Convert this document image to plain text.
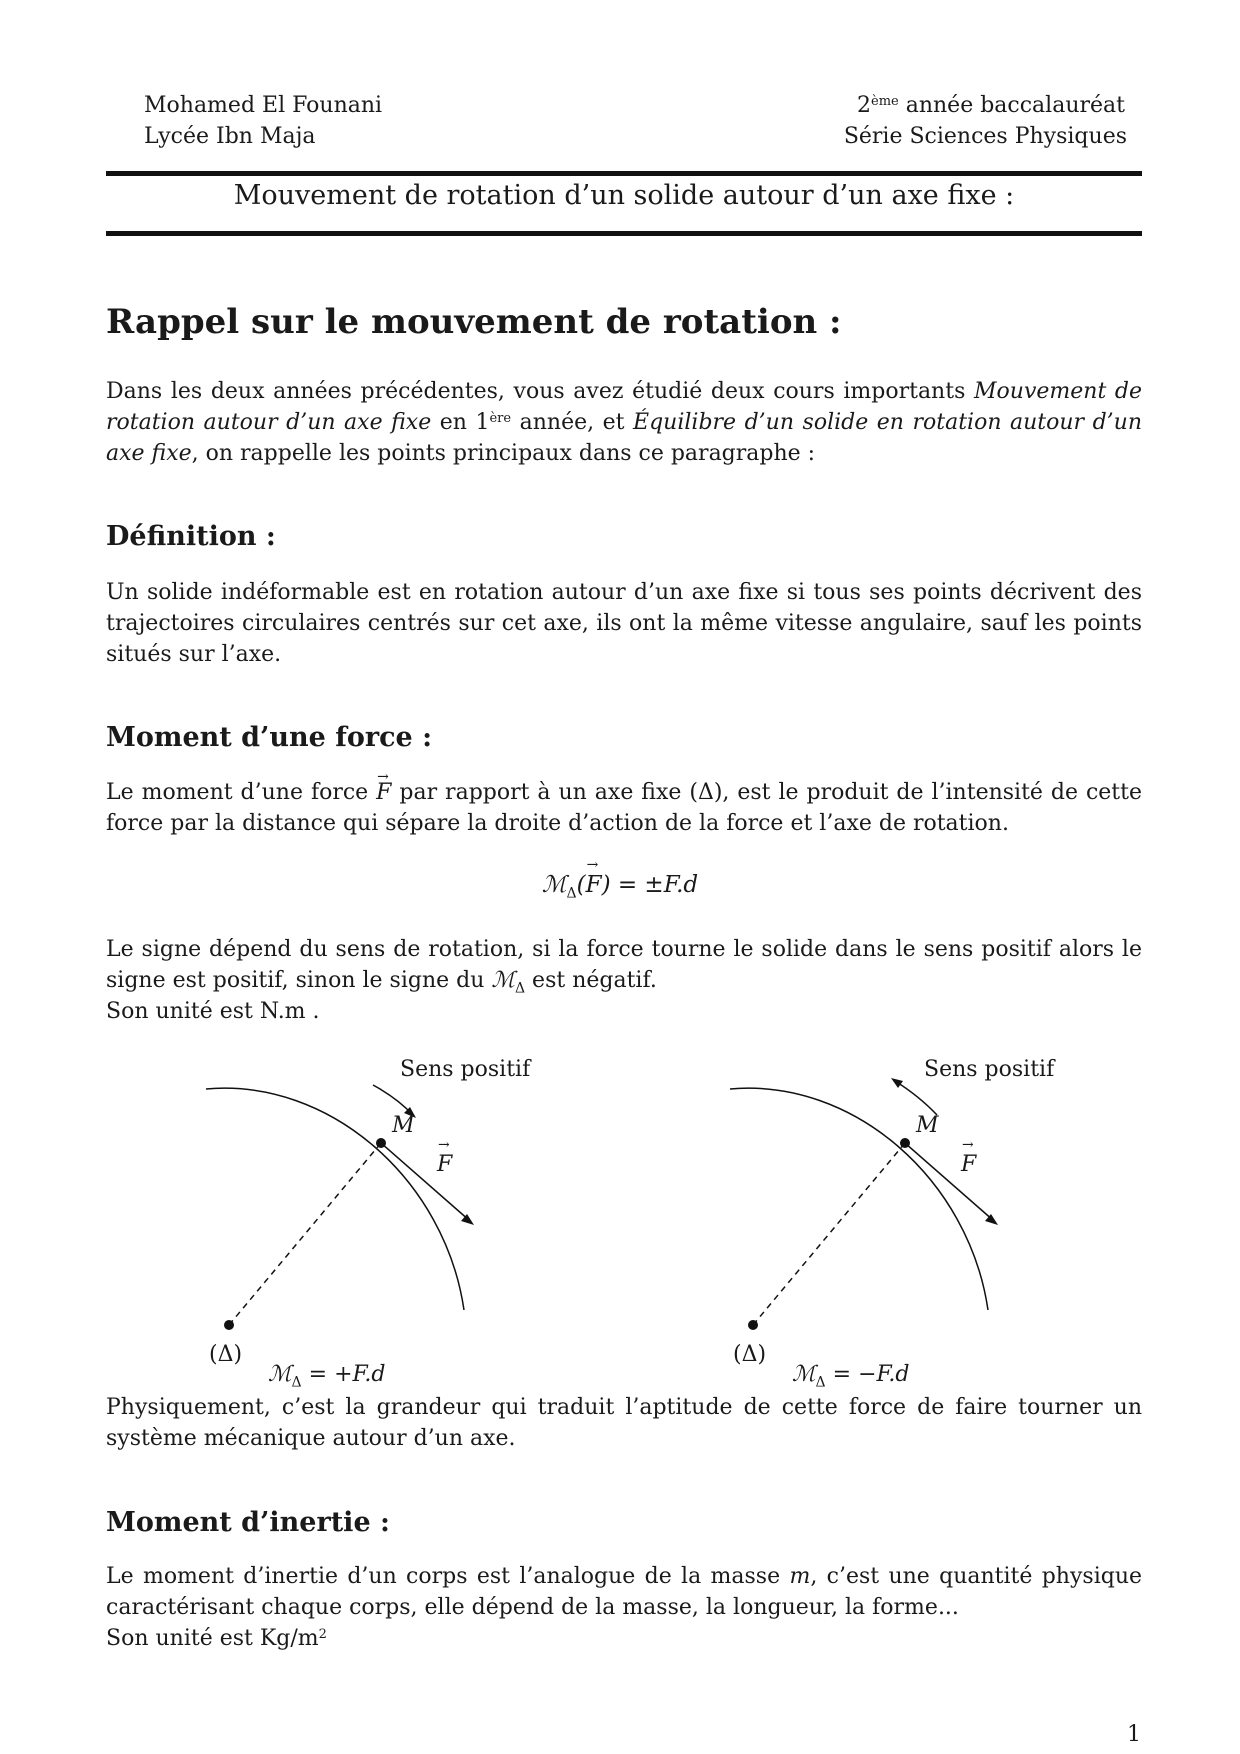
Mohamed El Founani
Lycée Ibn Maja
2ème année baccalauréat
Série Sciences Physiques
Mouvement de rotation d’un solide autour d’un axe fixe :
Rappel sur le mouvement de rotation :

Dans les deux années précédentes, vous avez étudié deux cours importants Mouvement de rotation autour d’un axe fixe en 1ère année, et Équilibre d’un solide en rotation autour d’un axe fixe, on rappelle les points principaux dans ce paragraphe :

Définition :

Un solide indéformable est en rotation autour d’un axe fixe si tous ses points décrivent des trajectoires circulaires centrés sur cet axe, ils ont la même vitesse angulaire, sauf les points situés sur l’axe.

Moment d’une force :

Le moment d’une force → F par rapport à un axe fixe (Δ), est le produit de l’intensité de cette force par la distance qui sépare la droite d’action de la force et l’axe de rotation.

ℳ$_\Delta$(→ F) = ±F.d

Le signe dépend du sens de rotation, si la force tourne le solide dans le sens positif alors le signe est positif, sinon le signe du ℳ$_\Delta$ est négatif.

Son unité est N.m .

Sens positif
M
→ F
(Δ)
ℳ$_\Delta$ = +F.d
Sens positif
M
→ F
(Δ)
ℳ$_\Delta$ = −F.d

Physiquement, c’est la grandeur qui traduit l’aptitude de cette force de faire tourner un système mécanique autour d’un axe.

Moment d’inertie :

Le moment d’inertie d’un corps est l’analogue de la masse m, c’est une quantité physique caractérisant chaque corps, elle dépend de la masse, la longueur, la forme...

Son unité est $Kg/m^2$

1
